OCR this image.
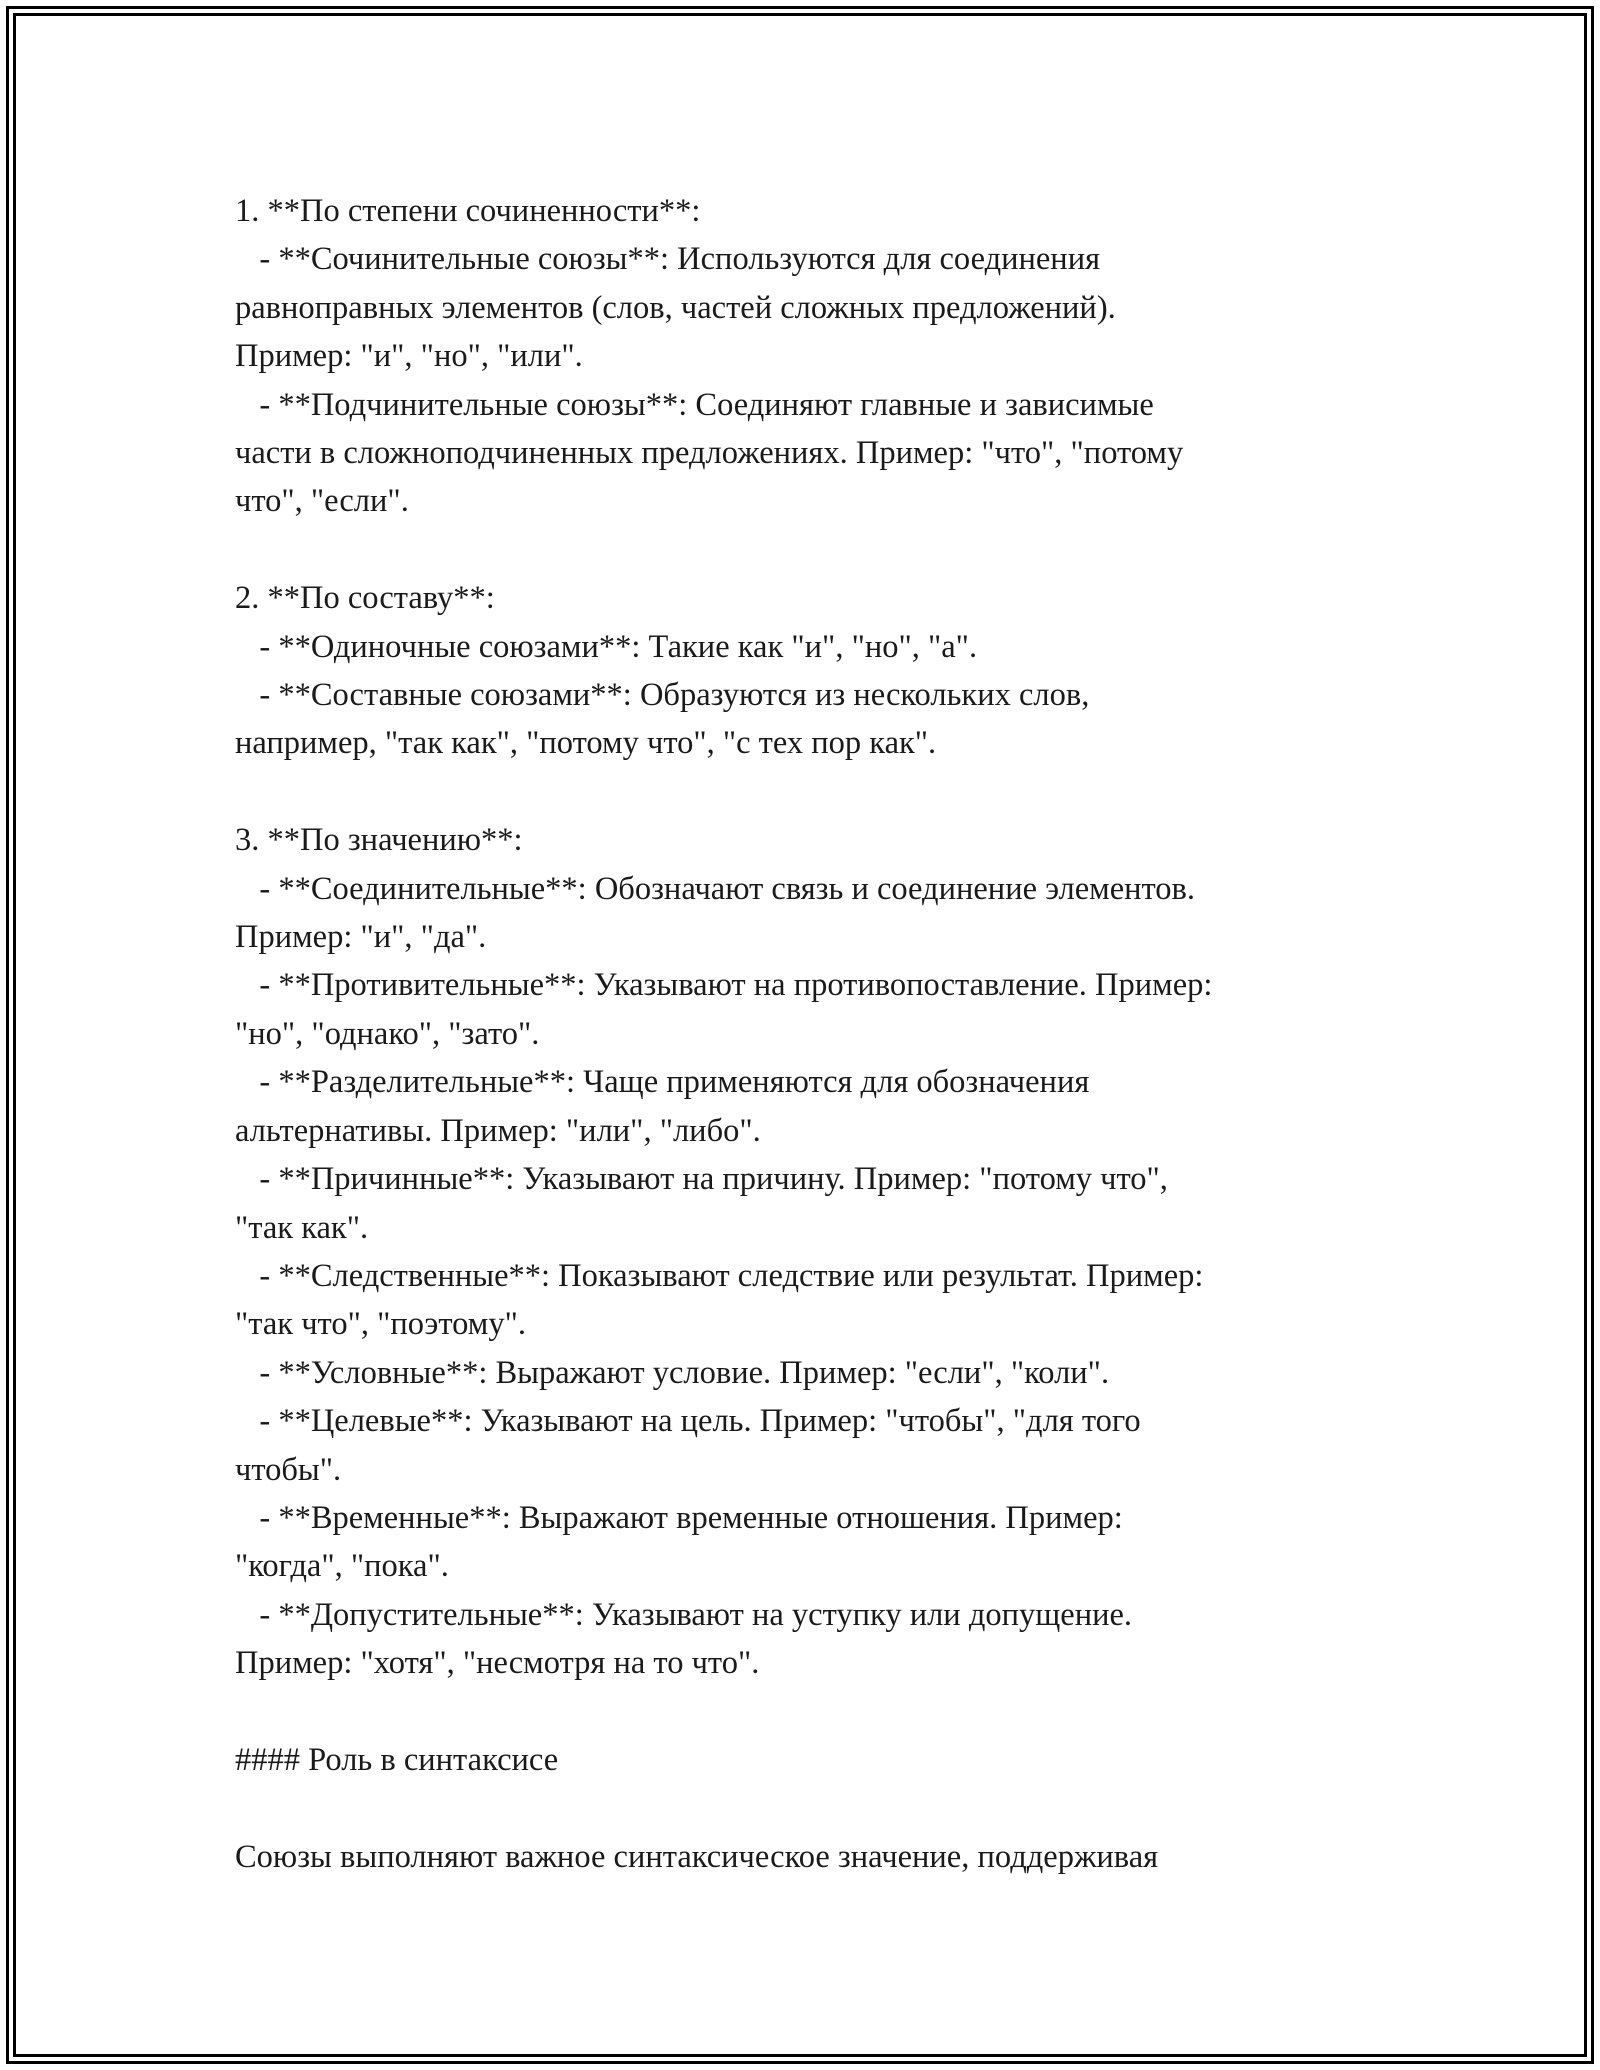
1. **По степени сочиненности**:
- **Сочинительные союзы**: Используются для соединения
равноправных элементов (слов, частей сложных предложений).
Пример: "и", "но", "или".
- **Подчинительные союзы**: Соединяют главные и зависимые
части в сложноподчиненных предложениях. Пример: "что", "потому
что", "если".
2. **По составу**:
- **Одиночные союзами**: Такие как "и", "но", "а".
- **Составные союзами**: Образуются из нескольких слов,
например, "так как", "потому что", "с тех пор как".
3. **По значению**:
- **Соединительные**: Обозначают связь и соединение элементов.
Пример: "и", "да".
- **Противительные**: Указывают на противопоставление. Пример:
"но", "однако", "зато".
- **Разделительные**: Чаще применяются для обозначения
альтернативы. Пример: "или", "либо".
- **Причинные**: Указывают на причину. Пример: "потому что",
"так как".
- **Следственные**: Показывают следствие или результат. Пример:
"так что", "поэтому".
- **Условные**: Выражают условие. Пример: "если", "коли".
- **Целевые**: Указывают на цель. Пример: "чтобы", "для того
чтобы".
- **Временные**: Выражают временные отношения. Пример:
"когда", "пока".
- **Допустительные**: Указывают на уступку или допущение.
Пример: "хотя", "несмотря на то что".
#### Роль в синтаксисе
Союзы выполняют важное синтаксическое значение, поддерживая
